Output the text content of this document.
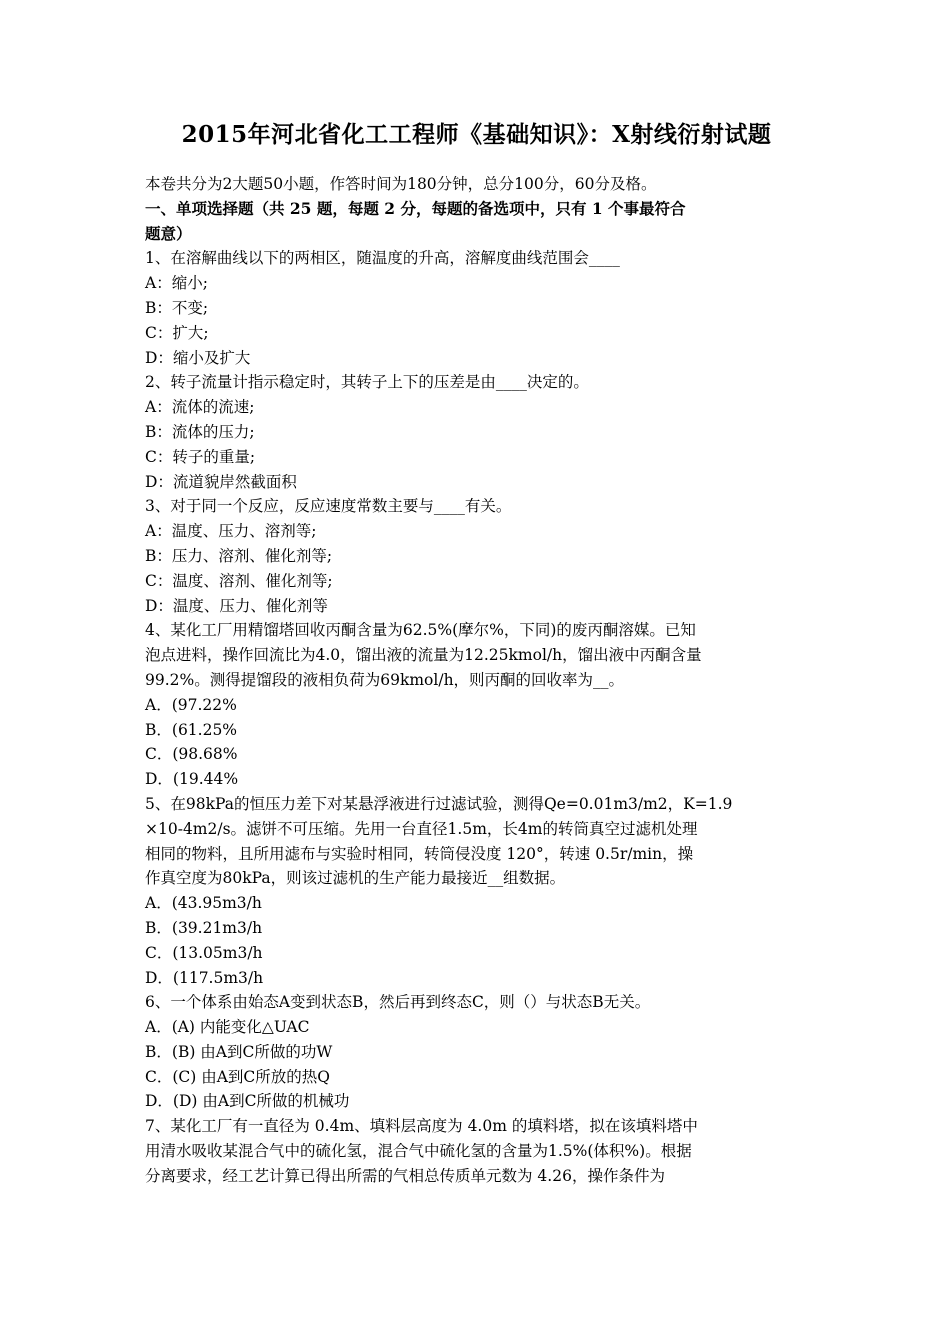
2015年河北省化工工程师《基础知识》：X射线衍射试题
本卷共分为2大题50小题，作答时间为180分钟，总分100分，60分及格。
一、单项选择题（共 25 题，每题 2 分，每题的备选项中，只有 1 个事最符合
题意）
1、在溶解曲线以下的两相区，随温度的升高，溶解度曲线范围会____
A：缩小;
B：不变;
C：扩大;
D：缩小及扩大
2、转子流量计指示稳定时，其转子上下的压差是由____决定的。
A：流体的流速;
B：流体的压力;
C：转子的重量;
D：流道貌岸然截面积
3、对于同一个反应，反应速度常数主要与____有关。
A：温度、压力、溶剂等;
B：压力、溶剂、催化剂等;
C：温度、溶剂、催化剂等;
D：温度、压力、催化剂等
4、某化工厂用精馏塔回收丙酮含量为62.5%(摩尔%，下同)的废丙酮溶媒。已知
泡点进料，操作回流比为4.0，馏出液的流量为12.25kmol/h，馏出液中丙酮含量
99.2%。测得提馏段的液相负荷为69kmol/h，则丙酮的回收率为__。
A．(97.22%
B．(61.25%
C．(98.68%
D．(19.44%
5、在98kPa的恒压力差下对某悬浮液进行过滤试验，测得Qe=0.01m3/m2，K=1.9
×10-4m2/s。滤饼不可压缩。先用一台直径1.5m，长4m的转筒真空过滤机处理
相同的物料，且所用滤布与实验时相同，转筒侵没度 120°，转速 0.5r/min，操
作真空度为80kPa，则该过滤机的生产能力最接近__组数据。
A．(43.95m3/h
B．(39.21m3/h
C．(13.05m3/h
D．(117.5m3/h
6、一个体系由始态A变到状态B，然后再到终态C，则（）与状态B无关。
A．(A) 内能变化△UAC
B．(B) 由A到C所做的功W
C．(C) 由A到C所放的热Q
D．(D) 由A到C所做的机械功
7、某化工厂有一直径为 0.4m、填料层高度为 4.0m 的填料塔，拟在该填料塔中
用清水吸收某混合气中的硫化氢，混合气中硫化氢的含量为1.5%(体积%)。根据
分离要求，经工艺计算已得出所需的气相总传质单元数为 4.26，操作条件为
